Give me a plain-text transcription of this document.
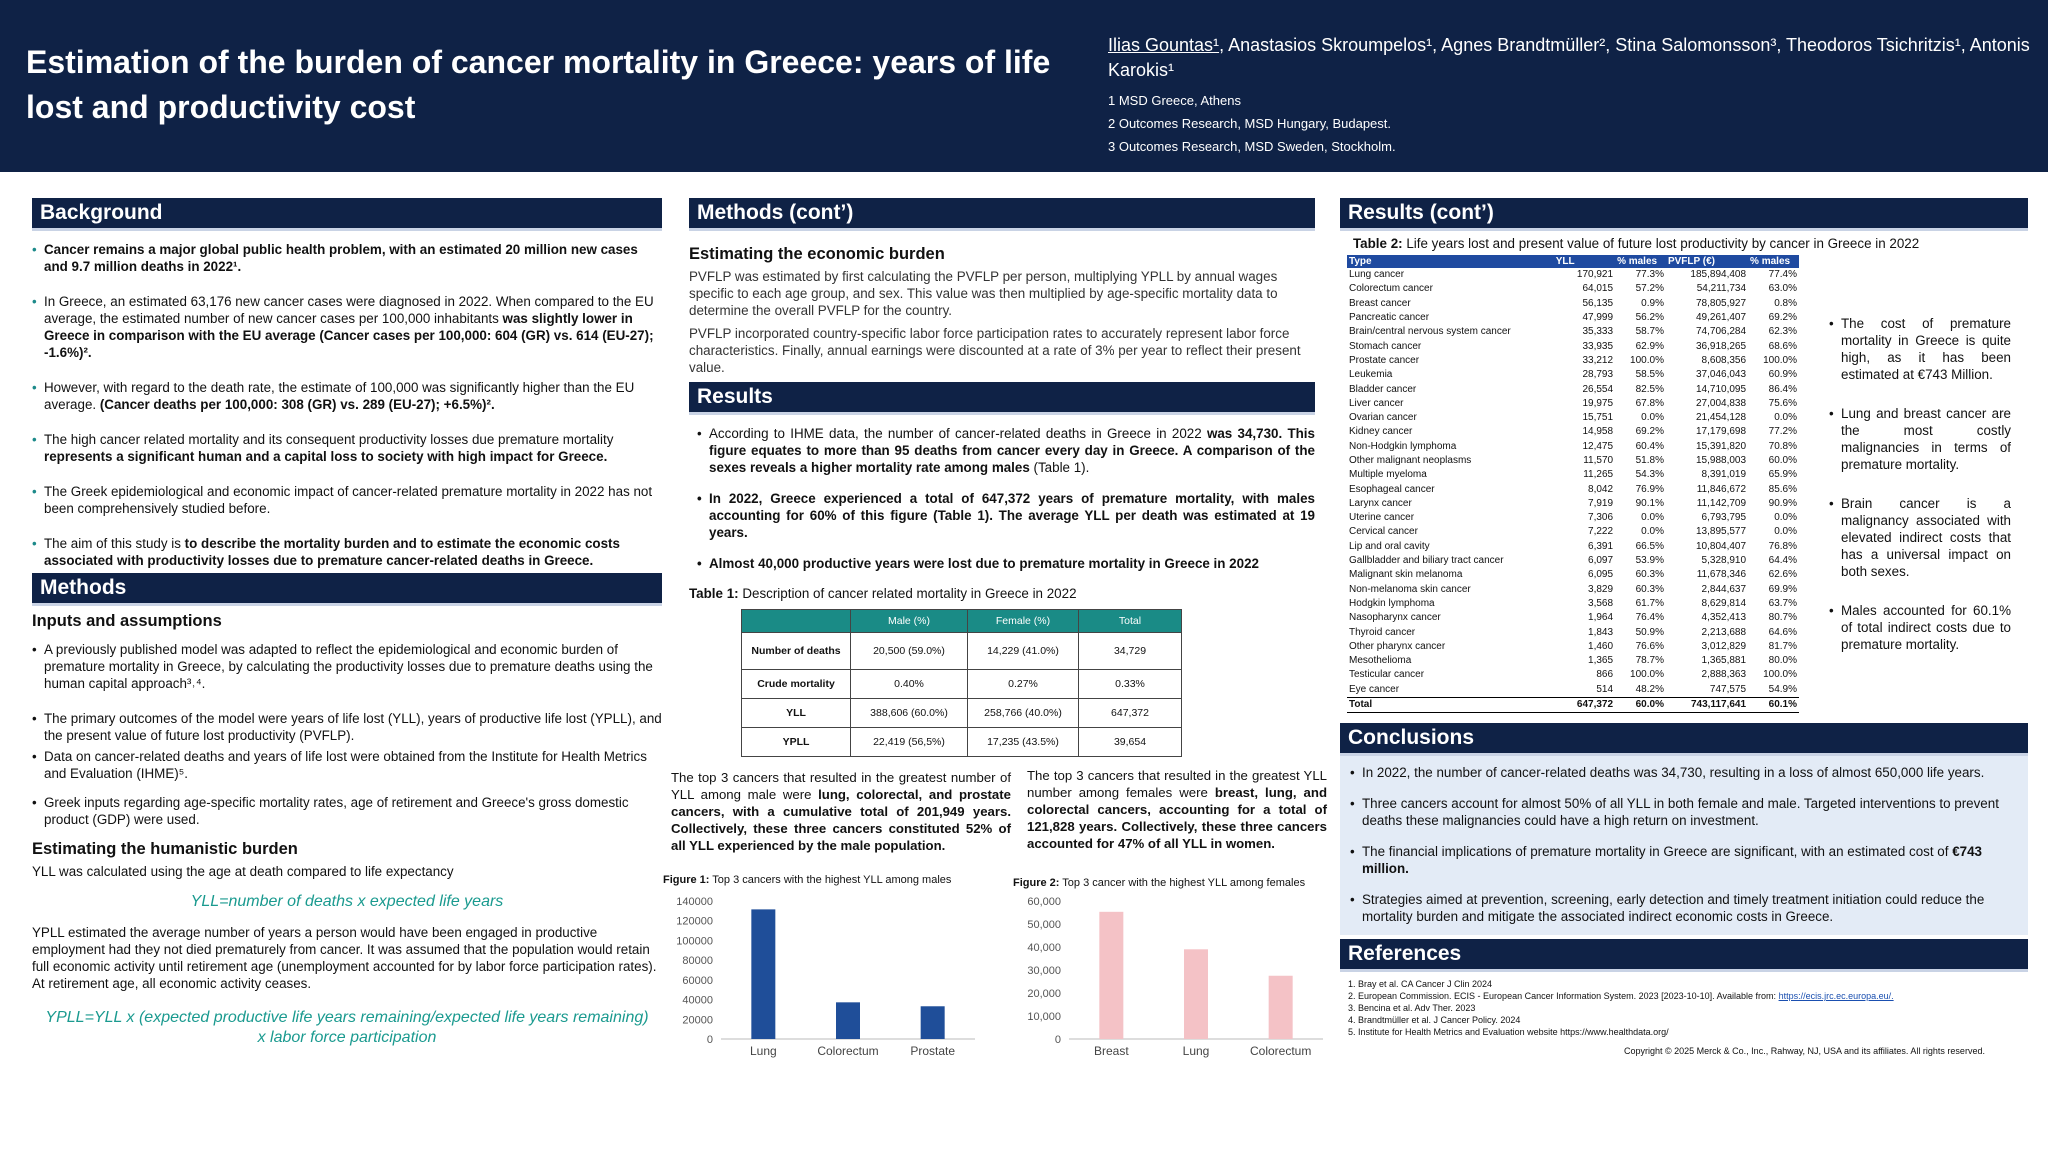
Estimation of the burden of cancer mortality in Greece: years of life lost and productivity cost
Ilias Gountas¹, Anastasios Skroumpelos¹, Agnes Brandtmüller², Stina Salomonsson³, Theodoros Tsichritzis¹, Antonis Karokis¹
1 MSD Greece, Athens
2 Outcomes Research, MSD Hungary, Budapest.
3 Outcomes Research, MSD Sweden, Stockholm.
Background
• Cancer remains a major global public health problem, with an estimated 20 million new cases and 9.7 million deaths in 2022¹.
• In Greece, an estimated 63,176 new cancer cases were diagnosed in 2022. When compared to the EU average, the estimated number of new cancer cases per 100,000 inhabitants was slightly lower in Greece in comparison with the EU average (Cancer cases per 100,000: 604 (GR) vs. 614 (EU-27); -1.6%)².
• However, with regard to the death rate, the estimate of 100,000 was significantly higher than the EU average. (Cancer deaths per 100,000: 308 (GR) vs. 289 (EU-27); +6.5%)².
• The high cancer related mortality and its consequent productivity losses due premature mortality represents a significant human and a capital loss to society with high impact for Greece.
• The Greek epidemiological and economic impact of cancer-related premature mortality in 2022 has not been comprehensively studied before.
• The aim of this study is to describe the mortality burden and to estimate the economic costs associated with productivity losses due to premature cancer-related deaths in Greece.
Methods
Inputs and assumptions
• A previously published model was adapted to reflect the epidemiological and economic burden of premature mortality in Greece, by calculating the productivity losses due to premature deaths using the human capital approach³˒⁴.
• The primary outcomes of the model were years of life lost (YLL), years of productive life lost (YPLL), and the present value of future lost productivity (PVFLP).
• Data on cancer-related deaths and years of life lost were obtained from the Institute for Health Metrics and Evaluation (IHME)⁵.
• Greek inputs regarding age-specific mortality rates, age of retirement and Greece's gross domestic product (GDP) were used.
Estimating the humanistic burden

YLL was calculated using the age at death compared to life expectancy

YLL=number of deaths x expected life years

YPLL estimated the average number of years a person would have been engaged in productive employment had they not died prematurely from cancer. It was assumed that the population would retain full economic activity until retirement age (unemployment accounted for by labor force participation rates). At retirement age, all economic activity ceases.

YPLL=YLL x (expected productive life years remaining/expected life years remaining)
x labor force participation
Methods (cont’)
Estimating the economic burden

PVFLP was estimated by first calculating the PVFLP per person, multiplying YPLL by annual wages specific to each age group, and sex. This value was then multiplied by age-specific mortality data to determine the overall PVFLP for the country.

PVFLP incorporated country-specific labor force participation rates to accurately represent labor force characteristics. Finally, annual earnings were discounted at a rate of 3% per year to reflect their present value.

Results
• According to IHME data, the number of cancer-related deaths in Greece in 2022 was 34,730. This figure equates to more than 95 deaths from cancer every day in Greece. A comparison of the sexes reveals a higher mortality rate among males (Table 1).
• In 2022, Greece experienced a total of 647,372 years of premature mortality, with males accounting for 60% of this figure (Table 1). The average YLL per death was estimated at 19 years.
• Almost 40,000 productive years were lost due to premature mortality in Greece in 2022
Table 1: Description of cancer related mortality in Greece in 2022
	Male (%)	Female (%)	Total
Number of deaths	20,500 (59.0%)	14,229 (41.0%)	34,729
Crude mortality	0.40%	0.27%	0.33%
YLL	388,606 (60.0%)	258,766 (40.0%)	647,372
YPLL	22,419 (56,5%)	17,235 (43.5%)	39,654

The top 3 cancers that resulted in the greatest number of YLL among male were lung, colorectal, and prostate cancers, with a cumulative total of 201,949 years. Collectively, these three cancers constituted 52% of all YLL experienced by the male population.

The top 3 cancers that resulted in the greatest YLL number among females were breast, lung, and colorectal cancers, accounting for a total of 121,828 years. Collectively, these three cancers accounted for 47% of all YLL in women.

Figure 1: Top 3 cancers with the highest YLL among males	Figure 2: Top 3 cancer with the highest YLL among females
0
20000
40000
60000
80000
100000
120000
140000
Lung	Colorectum	Prostate
0
10,000
20,000
30,000
40,000
50,000
60,000
Breast	Lung	Colorectum
Results (cont’)
Table 2: Life years lost and present value of future lost productivity by cancer in Greece in 2022
Type	YLL	% males	PVFLP (€)	% males
Lung cancer	170,921	77.3%	185,894,408	77.4%
Colorectum cancer	64,015	57.2%	54,211,734	63.0%
Breast cancer	56,135	0.9%	78,805,927	0.8%
Pancreatic cancer	47,999	56.2%	49,261,407	69.2%
Brain/central nervous system cancer	35,333	58.7%	74,706,284	62.3%
Stomach cancer	33,935	62.9%	36,918,265	68.6%
Prostate cancer	33,212	100.0%	8,608,356	100.0%
Leukemia	28,793	58.5%	37,046,043	60.9%
Bladder cancer	26,554	82.5%	14,710,095	86.4%
Liver cancer	19,975	67.8%	27,004,838	75.6%
Ovarian cancer	15,751	0.0%	21,454,128	0.0%
Kidney cancer	14,958	69.2%	17,179,698	77.2%
Non-Hodgkin lymphoma	12,475	60.4%	15,391,820	70.8%
Other malignant neoplasms	11,570	51.8%	15,988,003	60.0%
Multiple myeloma	11,265	54.3%	8,391,019	65.9%
Esophageal cancer	8,042	76.9%	11,846,672	85.6%
Larynx cancer	7,919	90.1%	11,142,709	90.9%
Uterine cancer	7,306	0.0%	6,793,795	0.0%
Cervical cancer	7,222	0.0%	13,895,577	0.0%
Lip and oral cavity	6,391	66.5%	10,804,407	76.8%
Gallbladder and biliary tract cancer	6,097	53.9%	5,328,910	64.4%
Malignant skin melanoma	6,095	60.3%	11,678,346	62.6%
Non-melanoma skin cancer	3,829	60.3%	2,844,637	69.9%
Hodgkin lymphoma	3,568	61.7%	8,629,814	63.7%
Nasopharynx cancer	1,964	76.4%	4,352,413	80.7%
Thyroid cancer	1,843	50.9%	2,213,688	64.6%
Other pharynx cancer	1,460	76.6%	3,012,829	81.7%
Mesothelioma	1,365	78.7%	1,365,881	80.0%
Testicular cancer	866	100.0%	2,888,363	100.0%
Eye cancer	514	48.2%	747,575	54.9%
Total	647,372	60.0%	743,117,641	60.1%
• The cost of premature mortality in Greece is quite high, as it has been estimated at €743 Million.
• Lung and breast cancer are the most costly malignancies in terms of premature mortality.
• Brain cancer is a malignancy associated with elevated indirect costs that has a universal impact on both sexes.
• Males accounted for 60.1% of total indirect costs due to premature mortality.
Conclusions
• In 2022, the number of cancer-related deaths was 34,730, resulting in a loss of almost 650,000 life years.
• Three cancers account for almost 50% of all YLL in both female and male. Targeted interventions to prevent deaths these malignancies could have a high return on investment.
• The financial implications of premature mortality in Greece are significant, with an estimated cost of €743 million.
• Strategies aimed at prevention, screening, early detection and timely treatment initiation could reduce the mortality burden and mitigate the associated indirect economic costs in Greece.
References
1. Bray et al. CA Cancer J Clin 2024
2. European Commission. ECIS - European Cancer Information System. 2023 [2023-10-10]. Available from: https://ecis.jrc.ec.europa.eu/.
3. Bencina et al. Adv Ther. 2023
4. Brandtmüller et al. J Cancer Policy. 2024
5. Institute for Health Metrics and Evaluation website https://www.healthdata.org/
Copyright © 2025 Merck & Co., Inc., Rahway, NJ, USA and its affiliates. All rights reserved.
